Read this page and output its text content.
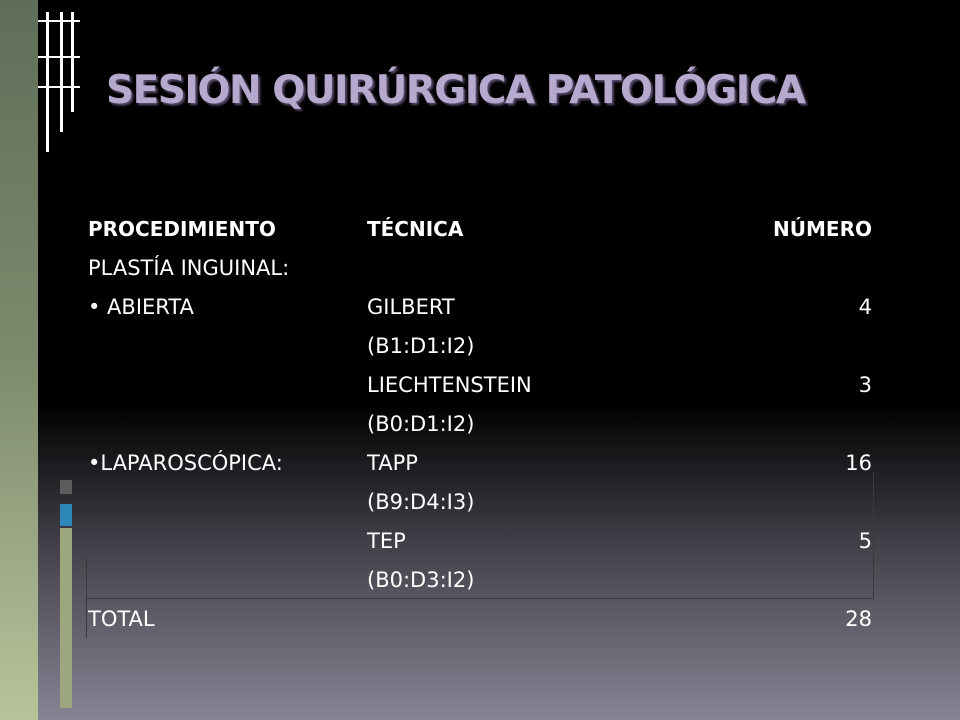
SESIÓN QUIRÚRGICA PATOLÓGICA
PROCEDIMIENTO	TÉCNICA	NÚMERO
PLASTÍA INGUINAL:		
• ABIERTA	GILBERT	4
	(B1:D1:I2)	
	LIECHTENSTEIN	3
	(B0:D1:I2)	
•LAPAROSCÓPICA:	TAPP	16
	(B9:D4:I3)	
	TEP	5
	(B0:D3:I2)	
TOTAL		28
